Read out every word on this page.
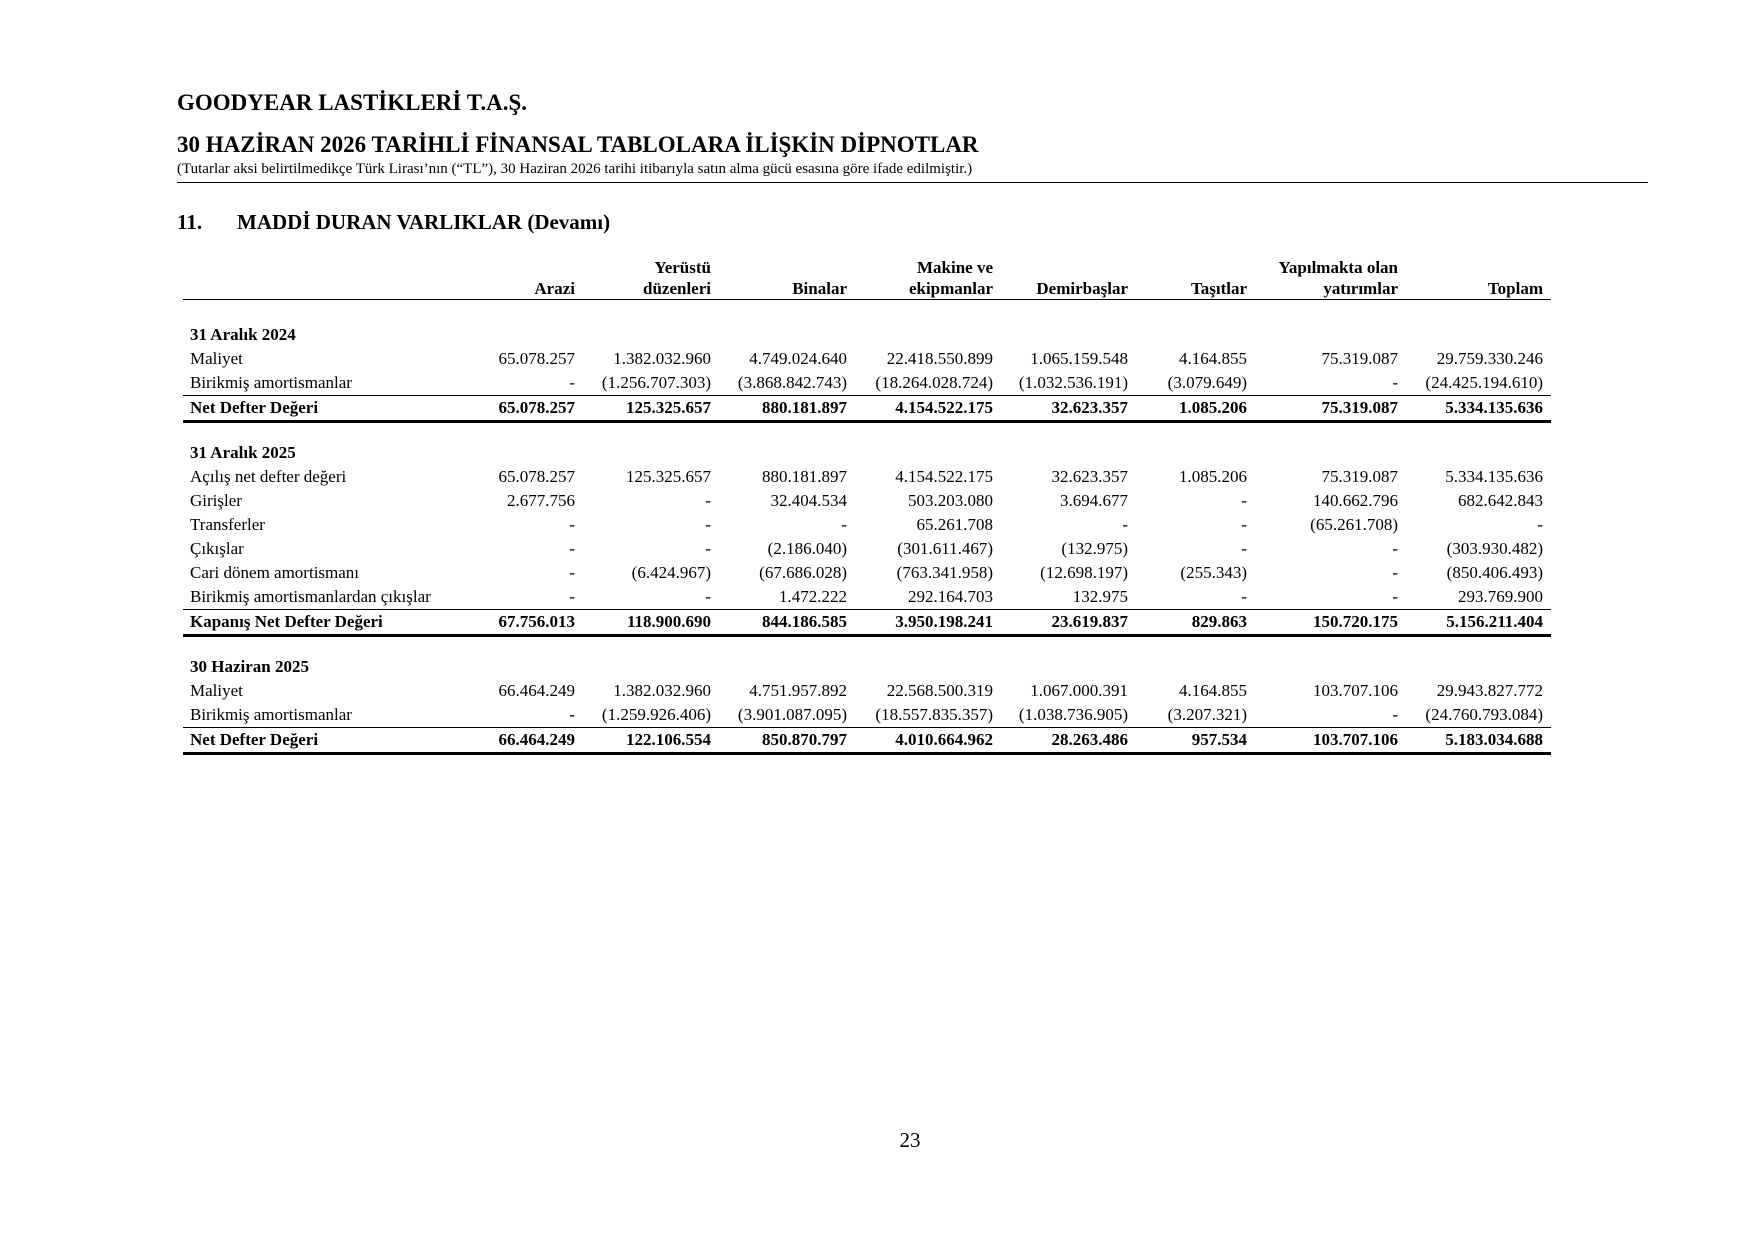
GOODYEAR LASTİKLERİ T.A.Ş.
30 HAZİRAN 2026 TARİHLİ FİNANSAL TABLOLARA İLİŞKİN DİPNOTLAR
(Tutarlar aksi belirtilmedikçe Türk Lirası’nın (“TL”), 30 Haziran 2026 tarihi itibarıyla satın alma gücü esasına göre ifade edilmiştir.)
11. MADDİ DURAN VARLIKLAR (Devamı)
		Yerüstü		Makine ve			Yapılmakta olan	
	Arazi	düzenleri	Binalar	ekipmanlar	Demirbaşlar	Taşıtlar	yatırımlar	Toplam

31 Aralık 2024								
Maliyet	65.078.257	1.382.032.960	4.749.024.640	22.418.550.899	1.065.159.548	4.164.855	75.319.087	29.759.330.246
Birikmiş amortismanlar	-	(1.256.707.303)	(3.868.842.743)	(18.264.028.724)	(1.032.536.191)	(3.079.649)	-	(24.425.194.610)
Net Defter Değeri	65.078.257	125.325.657	880.181.897	4.154.522.175	32.623.357	1.085.206	75.319.087	5.334.135.636

31 Aralık 2025								
Açılış net defter değeri	65.078.257	125.325.657	880.181.897	4.154.522.175	32.623.357	1.085.206	75.319.087	5.334.135.636
Girişler	2.677.756	-	32.404.534	503.203.080	3.694.677	-	140.662.796	682.642.843
Transferler	-	-	-	65.261.708	-	-	(65.261.708)	-
Çıkışlar	-	-	(2.186.040)	(301.611.467)	(132.975)	-	-	(303.930.482)
Cari dönem amortismanı	-	(6.424.967)	(67.686.028)	(763.341.958)	(12.698.197)	(255.343)	-	(850.406.493)
Birikmiş amortismanlardan çıkışlar	-	-	1.472.222	292.164.703	132.975	-	-	293.769.900
Kapanış Net Defter Değeri	67.756.013	118.900.690	844.186.585	3.950.198.241	23.619.837	829.863	150.720.175	5.156.211.404

30 Haziran 2025								
Maliyet	66.464.249	1.382.032.960	4.751.957.892	22.568.500.319	1.067.000.391	4.164.855	103.707.106	29.943.827.772
Birikmiş amortismanlar	-	(1.259.926.406)	(3.901.087.095)	(18.557.835.357)	(1.038.736.905)	(3.207.321)	-	(24.760.793.084)
Net Defter Değeri	66.464.249	122.106.554	850.870.797	4.010.664.962	28.263.486	957.534	103.707.106	5.183.034.688
23
